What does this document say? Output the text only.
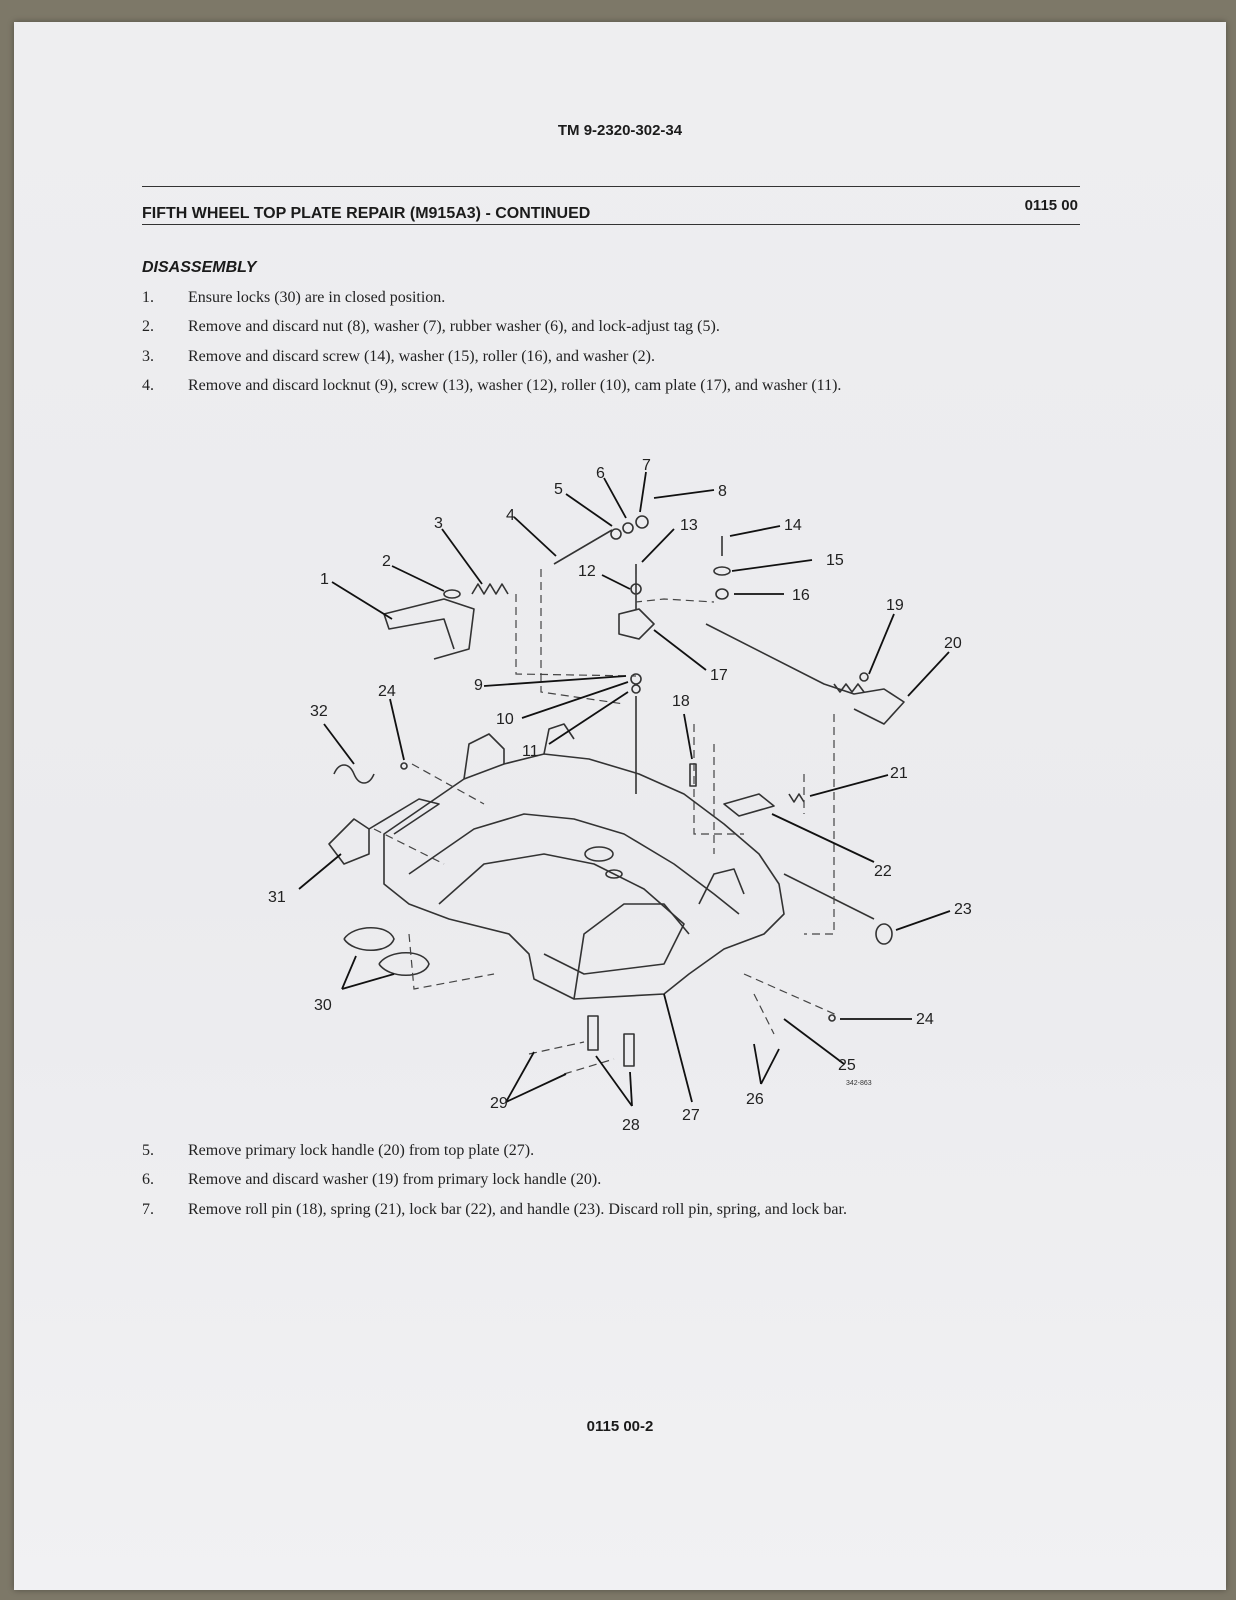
TM 9-2320-302-34
FIFTH WHEEL TOP PLATE REPAIR (M915A3) - CONTINUED	0115 00
DISASSEMBLY
1.	Ensure locks (30) are in closed position.
2.	Remove and discard nut (8), washer (7), rubber washer (6), and lock-adjust tag (5).
3.	Remove and discard screw (14), washer (15), roller (16), and washer (2).
4.	Remove and discard locknut (9), screw (13), washer (12), roller (10), cam plate (17), and washer (11).
1
2
3	4
5
6 7
8
9
10
11
12
13	14
15
16
17
18
19
20
21
22
23
24
24
25
26
27
28
29
30
31
32
342-863
5.	Remove primary lock handle (20) from top plate (27).
6.	Remove and discard washer (19) from primary lock handle (20).
7.	Remove roll pin (18), spring (21), lock bar (22), and handle (23). Discard roll pin, spring, and lock bar.
0115 00-2
